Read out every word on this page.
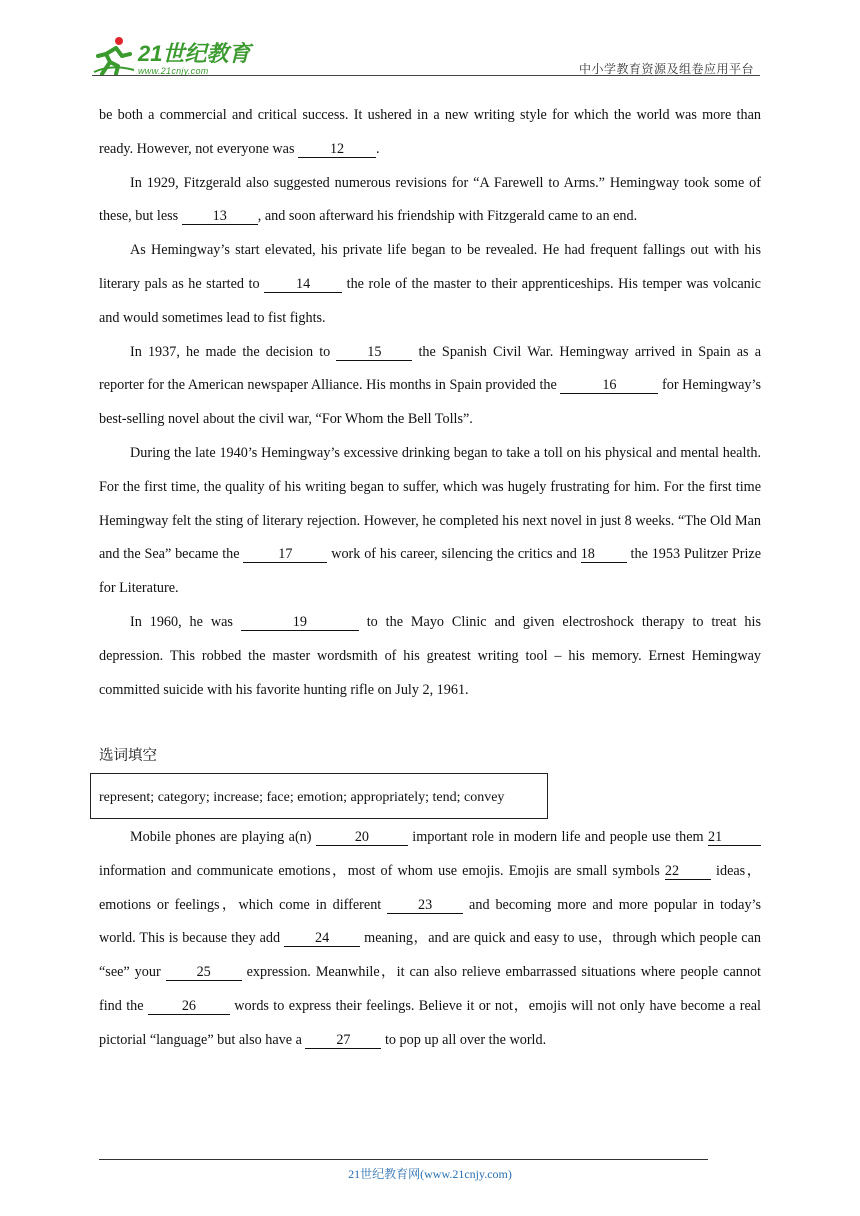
21世纪教育
www.21cnjy.com	中小学教育资源及组卷应用平台

be both a commercial and critical success. It ushered in a new writing style for which the world was more than ready. However, not everyone was 12 .

In 1929, Fitzgerald also suggested numerous revisions for “A Farewell to Arms.” Hemingway took some of these, but less 13 , and soon afterward his friendship with Fitzgerald came to an end.

As Hemingway’s start elevated, his private life began to be revealed. He had frequent fallings out with his literary pals as he started to 14 the role of the master to their apprenticeships. His temper was volcanic and would sometimes lead to fist fights.

In 1937, he made the decision to 15 the Spanish Civil War. Hemingway arrived in Spain as a reporter for the American newspaper Alliance. His months in Spain provided the	16	for Hemingway’s best-selling novel about the civil war, “For Whom the Bell Tolls”.

During the late 1940’s Hemingway’s excessive drinking began to take a toll on his physical and mental health. For the first time, the quality of his writing began to suffer, which was hugely frustrating for him. For the first time Hemingway felt the sting of literary rejection. However, he completed his next novel in just 8 weeks. “The Old Man and the Sea” became the 17 work of his career, silencing the critics and 18 the 1953 Pulitzer Prize for Literature.

In 1960, he was	19	to the Mayo Clinic and given electroshock therapy to treat his depression. This robbed the master wordsmith of his greatest writing tool – his memory. Ernest Hemingway committed suicide with his favorite hunting rifle on July 2, 1961.

选词填空
represent; category; increase; face; emotion; appropriately; tend; convey

Mobile phones are playing a(n)	20	important role in modern life and people use them 21 information and communicate emotions，most of whom use emojis. Emojis are small symbols 22 ideas，emotions or feelings，which come in different 23 and becoming more and more popular in today’s world. This is because they add 24 meaning，and are quick and easy to use，through which people can “see” your 25 expression. Meanwhile，it can also relieve embarrassed situations where people cannot find the 26 words to express their feelings. Believe it or not，emojis will not only have become a real pictorial “language” but also have a 27 to pop up all over the world.

21世纪教育网(www.21cnjy.com)
